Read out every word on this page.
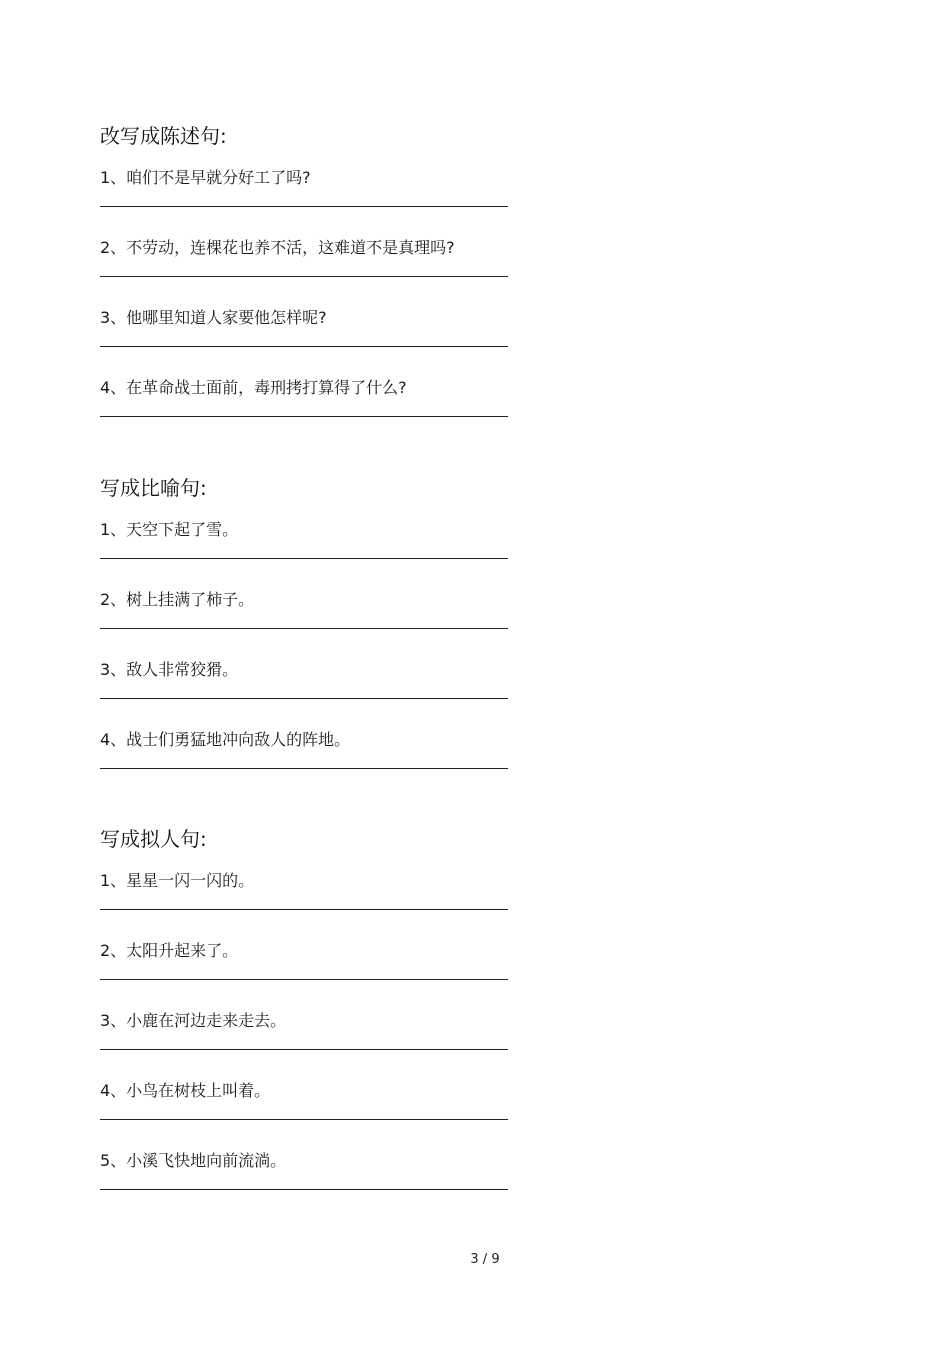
改写成陈述句:
1、咱们不是早就分好工了吗?
2、不劳动，连棵花也养不活，这难道不是真理吗?
3、他哪里知道人家要他怎样呢?
4、在革命战士面前，毒刑拷打算得了什么?
写成比喻句:
1、天空下起了雪。
2、树上挂满了柿子。
3、敌人非常狡猾。
4、战士们勇猛地冲向敌人的阵地。
写成拟人句:
1、星星一闪一闪的。
2、太阳升起来了。
3、小鹿在河边走来走去。
4、小鸟在树枝上叫着。
5、小溪飞快地向前流淌。
3 / 9
